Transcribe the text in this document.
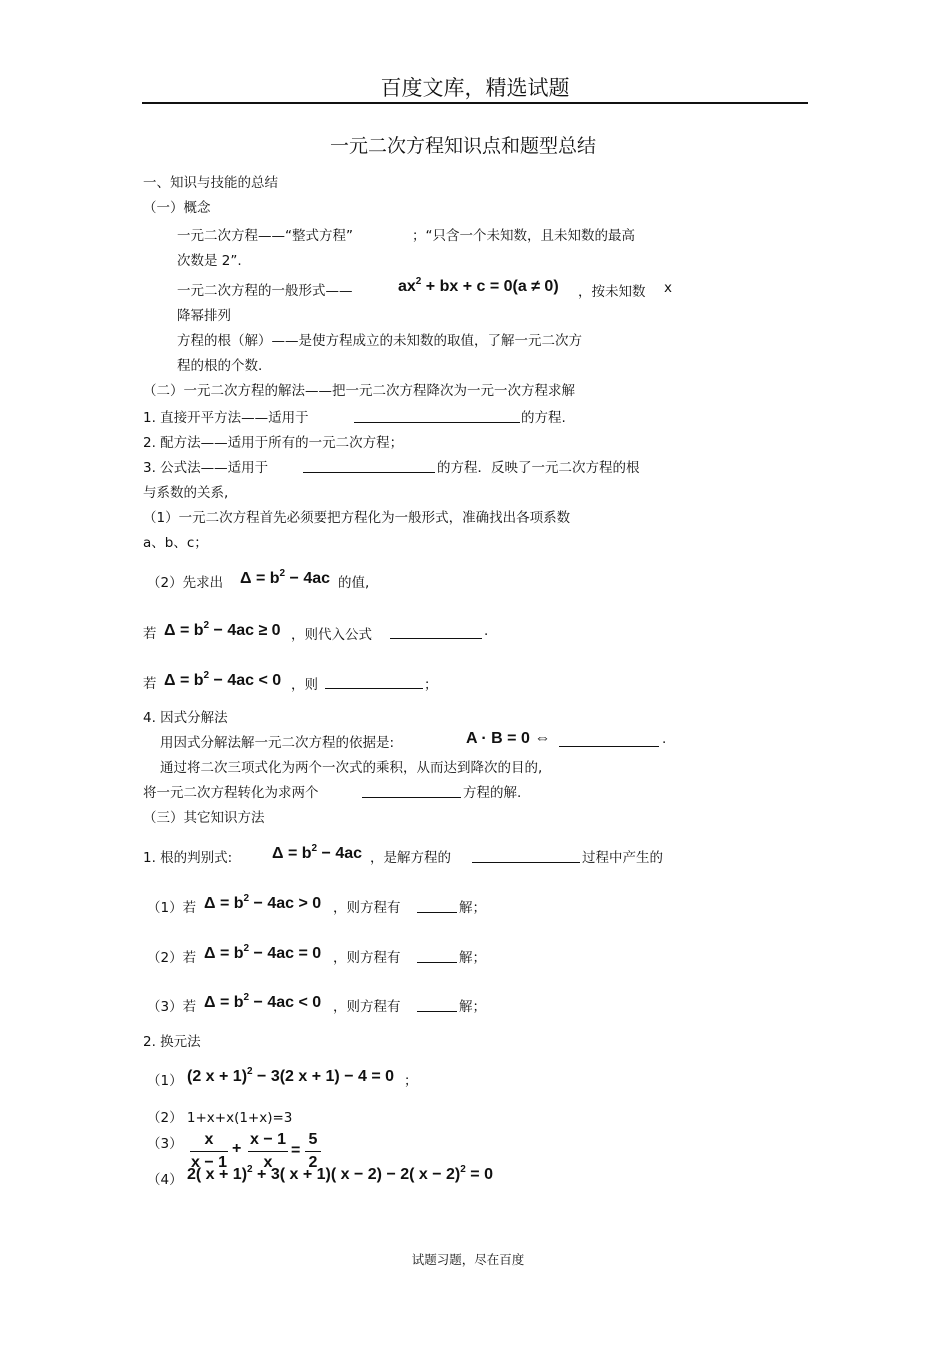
百度文库，精选试题
一元二次方程知识点和题型总结
一、知识与技能的总结
（一）概念
一元二次方程——“整式方程”	；“只含一个未知数，且未知数的最高
次数是 2”.
一元二次方程的一般形式——	$ax^2$ + bx + c = 0(a ≠ 0) ，按未知数 x
降幂排列
方程的根（解）——是使方程成立的未知数的取值，了解一元二次方
程的根的个数.
（二）一元二次方程的解法——把一元二次方程降次为一元一次方程求解
1. 直接开平方法——适用于	的方程.
2. 配方法——适用于所有的一元二次方程；
3. 公式法——适用于	的方程．反映了一元二次方程的根
与系数的关系,
（1）一元二次方程首先必须要把方程化为一般形式，准确找出各项系数
a、b、c；
（2）先求出 $\Delta = b^2 - 4ac$ 的值,
若 $\Delta = b^2 - 4ac \ge 0$ ，则代入公式	.
若 $\Delta = b^2 - 4ac < 0$ ，则	；
4. 因式分解法
用因式分解法解一元二次方程的依据是:	A · B = 0 ⇔	.
通过将二次三项式化为两个一次式的乘积，从而达到降次的目的,
将一元二次方程转化为求两个	方程的解.
（三）其它知识方法
1. 根的判别式: $\Delta = b^2 - 4ac$ ，是解方程的	过程中产生的
（1）若 $\Delta = b^2 - 4ac > 0$ ，则方程有	解；
（2）若 $\Delta = b^2 - 4ac = 0$ ，则方程有	解；
（3）若 $\Delta = b^2 - 4ac < 0$ ，则方程有	解；
2. 换元法
（1） (2 x + 1)$^2$ − 3(2 x + 1) − 4 = 0 ；
（2） 1+x+x(1+x)=3
（3）	x
x − 1
+
x − 1
x
=
5
2
（4） 2( x + 1)$^2$ + 3( x + 1)( x − 2) − 2( x − 2)$^2$ = 0
试题习题，尽在百度
